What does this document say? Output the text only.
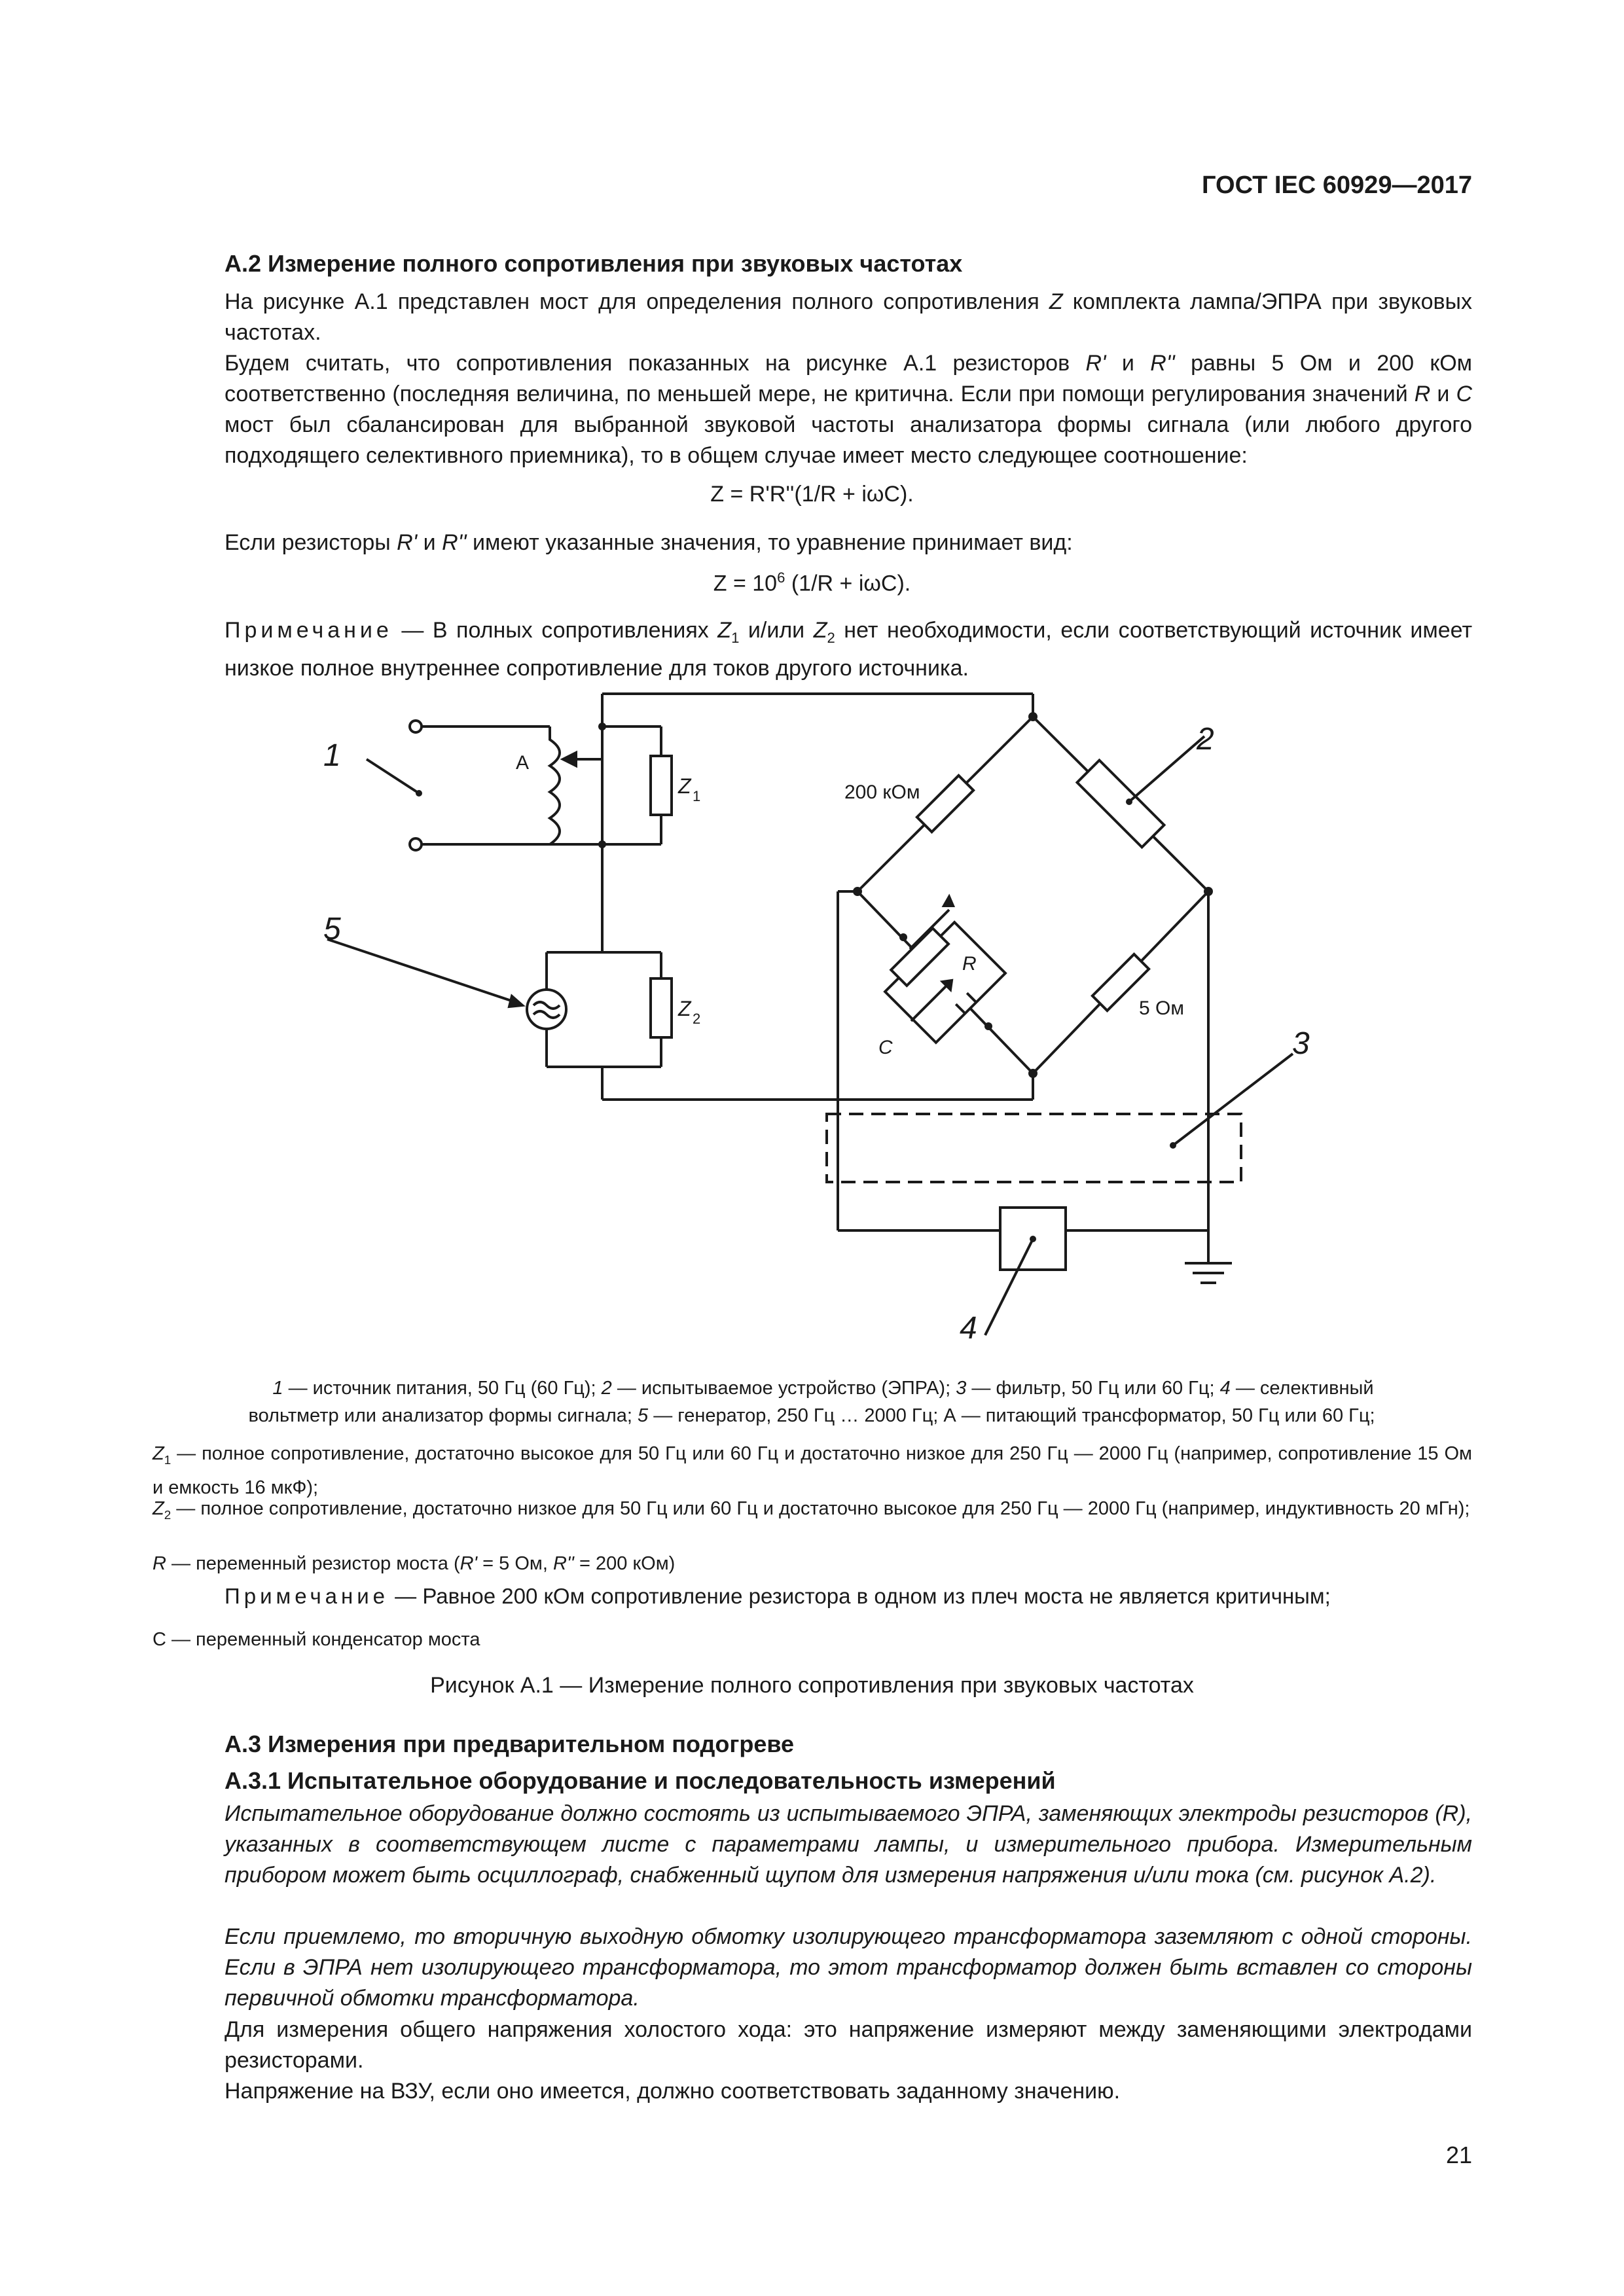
ГОСТ IEC 60929—2017
А.2 Измерение полного сопротивления при звуковых частотах
На рисунке А.1 представлен мост для определения полного сопротивления Z комплекта лампа/ЭПРА при звуковых частотах.
Будем считать, что сопротивления показанных на рисунке А.1 резисторов R' и R'' равны 5 Ом и 200 кОм соответственно (последняя величина, по меньшей мере, не критична. Если при помощи регулирования значений R и C мост был сбалансирован для выбранной звуковой частоты анализатора формы сигнала (или любого другого подходящего селективного приемника), то в общем случае имеет место следующее соотношение:
Z = R'R''(1/R + iωC).
Если резисторы R' и R'' имеют указанные значения, то уравнение принимает вид:
$Z = 10^6$ (1/R + iωC).
Примечание — В полных сопротивлениях $Z_1$ и/или $Z_2$ нет необходимости, если соответствующий источник имеет низкое полное внутреннее сопротивление для токов другого источника.
1	2
3
4
5
А
Z 1
Z 2
200 кОм
5 Ом
R
C
1 — источник питания, 50 Гц (60 Гц); 2 — испытываемое устройство (ЭПРА); 3 — фильтр, 50 Гц или 60 Гц; 4 — селективный
вольтметр или анализатор формы сигнала; 5 — генератор, 250 Гц … 2000 Гц; А — питающий трансформатор, 50 Гц или 60 Гц;
$Z_1$ — полное сопротивление, достаточно высокое для 50 Гц или 60 Гц и достаточно низкое для 250 Гц — 2000 Гц (например, сопротивление 15 Ом и емкость 16 мкФ);
$Z_2$ — полное сопротивление, достаточно низкое для 50 Гц или 60 Гц и достаточно высокое для 250 Гц — 2000 Гц (например, индуктивность 20 мГн);
R — переменный резистор моста (R' = 5 Ом, R'' = 200 кОм)
Примечание — Равное 200 кОм сопротивление резистора в одном из плеч моста не является критичным;
С — переменный конденсатор моста
Рисунок А.1 — Измерение полного сопротивления при звуковых частотах
А.3 Измерения при предварительном подогреве
А.3.1 Испытательное оборудование и последовательность измерений
Испытательное оборудование должно состоять из испытываемого ЭПРА, заменяющих электроды резисторов (R), указанных в соответствующем листе с параметрами лампы, и измерительного прибора. Измерительным прибором может быть осциллограф, снабженный щупом для измерения напряжения и/или тока (см. рисунок А.2).
Если приемлемо, то вторичную выходную обмотку изолирующего трансформатора заземляют с одной стороны. Если в ЭПРА нет изолирующего трансформатора, то этот трансформатор должен быть вставлен со стороны первичной обмотки трансформатора.
Для измерения общего напряжения холостого хода: это напряжение измеряют между заменяющими электродами резисторами.
Напряжение на ВЗУ, если оно имеется, должно соответствовать заданному значению.
21
